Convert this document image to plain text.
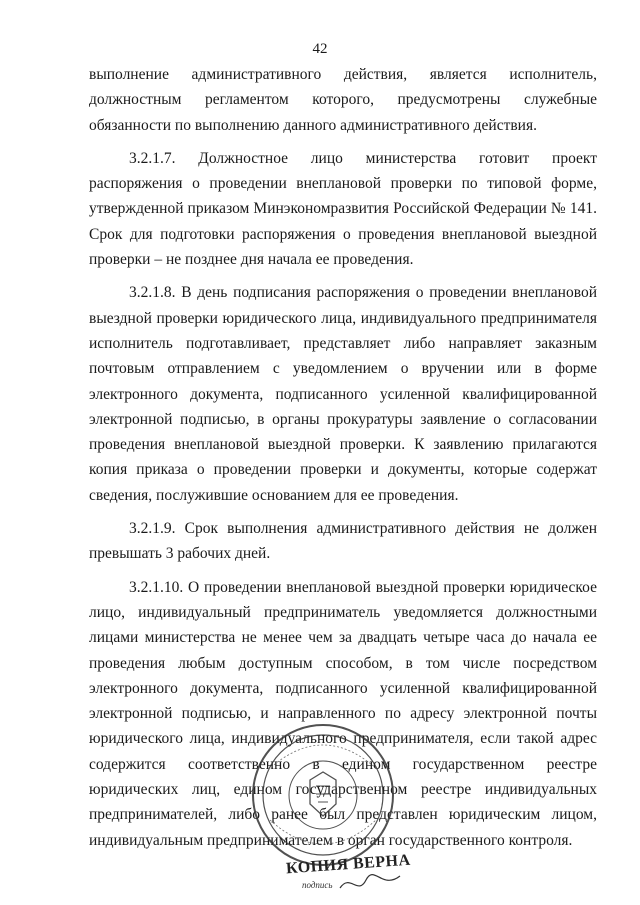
42

выполнение административного действия, является исполнитель, должностным регламентом которого, предусмотрены служебные обязанности по выполнению данного административного действия.

3.2.1.7. Должностное лицо министерства готовит проект распоряжения о проведении внеплановой проверки по типовой форме, утвержденной приказом Минэкономразвития Российской Федерации № 141. Срок для подготовки распоряжения о проведения внеплановой выездной проверки – не позднее дня начала ее проведения.

3.2.1.8. В день подписания распоряжения о проведении внеплановой выездной проверки юридического лица, индивидуального предпринимателя исполнитель подготавливает, представляет либо направляет заказным почтовым отправлением с уведомлением о вручении или в форме электронного документа, подписанного усиленной квалифицированной электронной подписью, в органы прокуратуры заявление о согласовании проведения внеплановой выездной проверки. К заявлению прилагаются копия приказа о проведении проверки и документы, которые содержат сведения, послужившие основанием для ее проведения.

3.2.1.9. Срок выполнения административного действия не должен превышать 3 рабочих дней.

3.2.1.10. О проведении внеплановой выездной проверки юридическое лицо, индивидуальный предприниматель уведомляется должностными лицами министерства не менее чем за двадцать четыре часа до начала ее проведения любым доступным способом, в том числе посредством электронного документа, подписанного усиленной квалифицированной электронной подписью, и направленного по адресу электронной почты юридического лица, индивидуального предпринимателя, если такой адрес содержится соответственно в едином государственном реестре юридических лиц, едином государственном реестре индивидуальных предпринимателей, либо ранее был представлен юридическим лицом, индивидуальным предпринимателем в орган государственного контроля.

КОПИЯ ВЕРНА
подпись
